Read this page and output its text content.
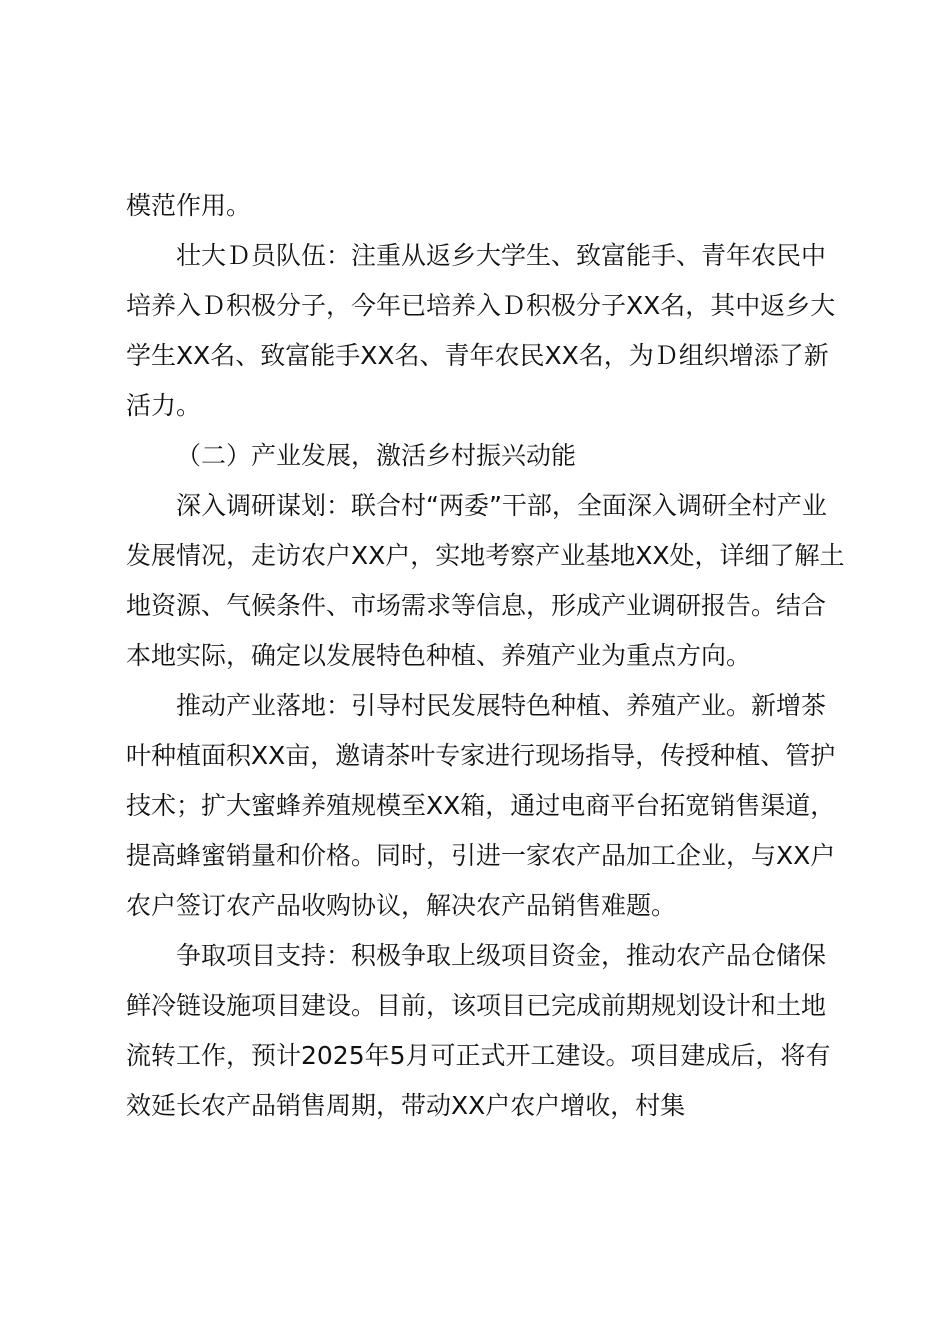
模范作用。

壮大Ｄ员队伍：注重从返乡大学生、致富能手、青年农民中培养入Ｄ积极分子，今年已培养入Ｄ积极分子XX名，其中返乡大学生XX名、致富能手XX名、青年农民XX名，为Ｄ组织增添了新活力。

（二）产业发展，激活乡村振兴动能

深入调研谋划：联合村“两委”干部，全面深入调研全村产业发展情况，走访农户XX户，实地考察产业基地XX处，详细了解土地资源、气候条件、市场需求等信息，形成产业调研报告。结合本地实际，确定以发展特色种植、养殖产业为重点方向。

推动产业落地：引导村民发展特色种植、养殖产业。新增茶叶种植面积XX亩，邀请茶叶专家进行现场指导，传授种植、管护技术；扩大蜜蜂养殖规模至XX箱，通过电商平台拓宽销售渠道，提高蜂蜜销量和价格。同时，引进一家农产品加工企业，与XX户农户签订农产品收购协议，解决农产品销售难题。

争取项目支持：积极争取上级项目资金，推动农产品仓储保鲜冷链设施项目建设。目前，该项目已完成前期规划设计和土地流转工作，预计2025年5月可正式开工建设。项目建成后，将有效延长农产品销售周期，带动XX户农户增收，村集
